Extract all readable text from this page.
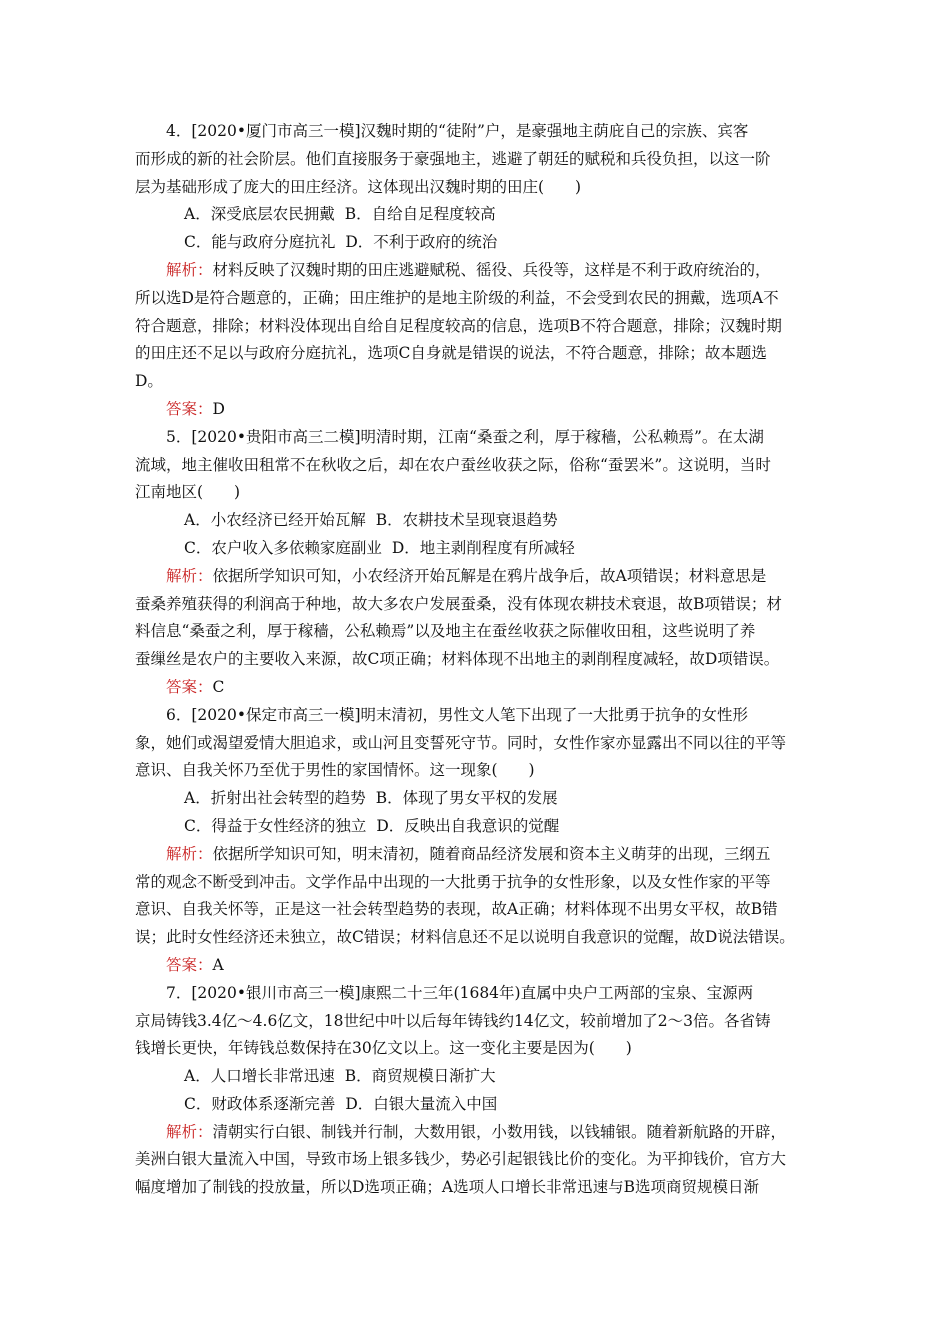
4．[2020•厦门市高三一模]汉魏时期的“徒附”户，是豪强地主荫庇自己的宗族、宾客
而形成的新的社会阶层。他们直接服务于豪强地主，逃避了朝廷的赋税和兵役负担，以这一阶
层为基础形成了庞大的田庄经济。这体现出汉魏时期的田庄(　　)
A．深受底层农民拥戴 B．自给自足程度较高
C．能与政府分庭抗礼 D．不利于政府的统治
解析：材料反映了汉魏时期的田庄逃避赋税、徭役、兵役等，这样是不利于政府统治的，
所以选D是符合题意的，正确；田庄维护的是地主阶级的利益，不会受到农民的拥戴，选项A不
符合题意，排除；材料没体现出自给自足程度较高的信息，选项B不符合题意，排除；汉魏时期
的田庄还不足以与政府分庭抗礼，选项C自身就是错误的说法，不符合题意，排除；故本题选
D。
答案：D
5．[2020•贵阳市高三二模]明清时期，江南“桑蚕之利，厚于稼穑，公私赖焉”。在太湖
流域，地主催收田租常不在秋收之后，却在农户蚕丝收获之际，俗称“蚕罢米”。这说明，当时
江南地区(　　)
A．小农经济已经开始瓦解 B．农耕技术呈现衰退趋势
C．农户收入多依赖家庭副业 D．地主剥削程度有所减轻
解析：依据所学知识可知，小农经济开始瓦解是在鸦片战争后，故A项错误；材料意思是
蚕桑养殖获得的利润高于种地，故大多农户发展蚕桑，没有体现农耕技术衰退，故B项错误；材
料信息“桑蚕之利，厚于稼穑，公私赖焉”以及地主在蚕丝收获之际催收田租，这些说明了养
蚕缫丝是农户的主要收入来源，故C项正确；材料体现不出地主的剥削程度减轻，故D项错误。
答案：C
6．[2020•保定市高三一模]明末清初，男性文人笔下出现了一大批勇于抗争的女性形
象，她们或渴望爱情大胆追求，或山河且变誓死守节。同时，女性作家亦显露出不同以往的平等
意识、自我关怀乃至优于男性的家国情怀。这一现象(　　)
A．折射出社会转型的趋势 B．体现了男女平权的发展
C．得益于女性经济的独立 D．反映出自我意识的觉醒
解析：依据所学知识可知，明末清初，随着商品经济发展和资本主义萌芽的出现，三纲五
常的观念不断受到冲击。文学作品中出现的一大批勇于抗争的女性形象，以及女性作家的平等
意识、自我关怀等，正是这一社会转型趋势的表现，故A正确；材料体现不出男女平权，故B错
误；此时女性经济还未独立，故C错误；材料信息还不足以说明自我意识的觉醒，故D说法错误。
答案：A
7．[2020•银川市高三一模]康熙二十三年(1684年)直属中央户工两部的宝泉、宝源两
京局铸钱3.4亿～4.6亿文，18世纪中叶以后每年铸钱约14亿文，较前增加了2～3倍。各省铸
钱增长更快，年铸钱总数保持在30亿文以上。这一变化主要是因为(　　)
A．人口增长非常迅速 B．商贸规模日渐扩大
C．财政体系逐渐完善 D．白银大量流入中国
解析：清朝实行白银、制钱并行制，大数用银，小数用钱，以钱辅银。随着新航路的开辟，
美洲白银大量流入中国，导致市场上银多钱少，势必引起银钱比价的变化。为平抑钱价，官方大
幅度增加了制钱的投放量，所以D选项正确；A选项人口增长非常迅速与B选项商贸规模日渐
